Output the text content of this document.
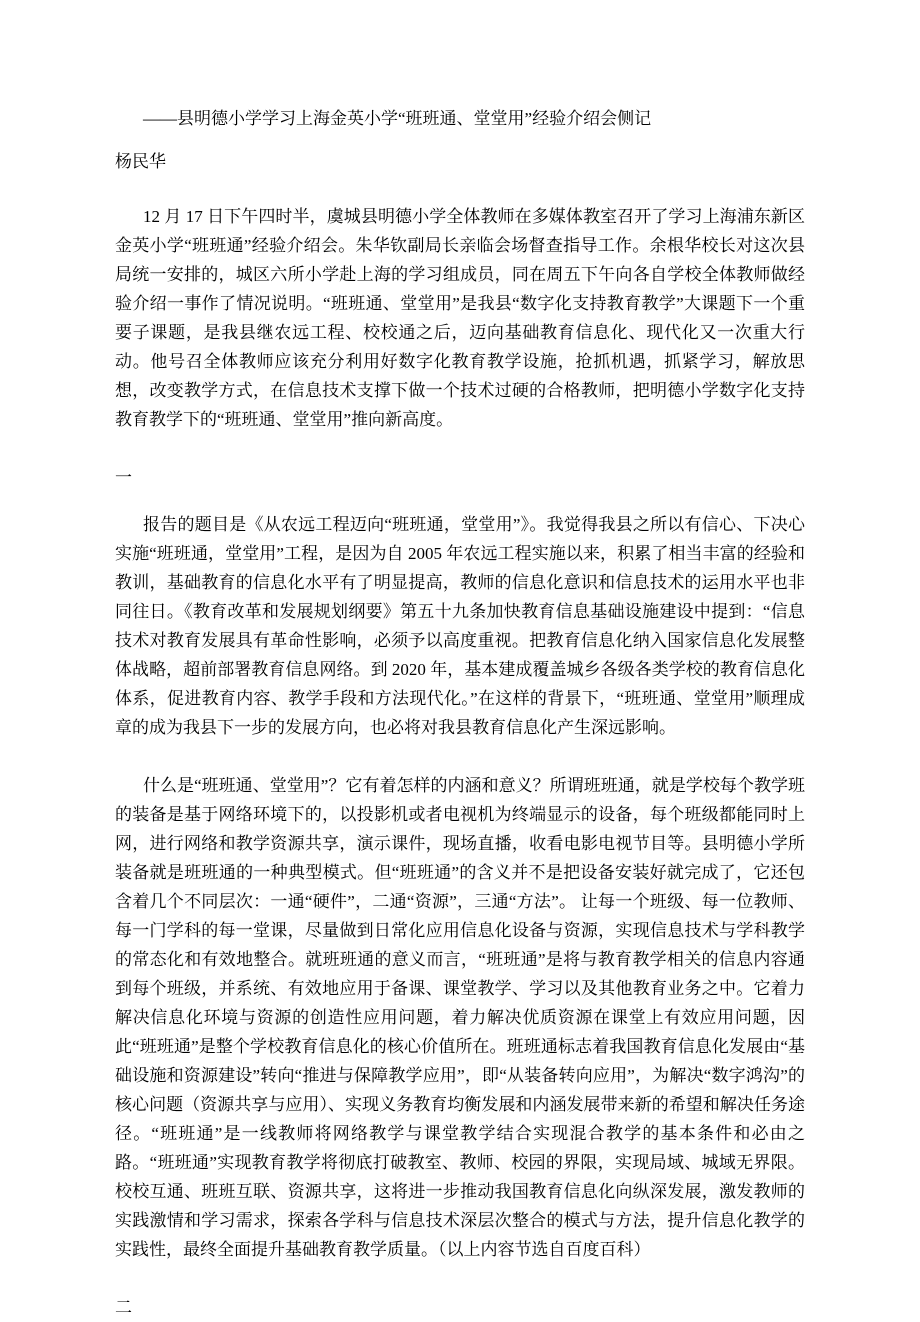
——县明德小学学习上海金英小学“班班通、堂堂用”经验介绍会侧记

杨民华

12 月 17 日下午四时半，虞城县明德小学全体教师在多媒体教室召开了学习上海浦东新区金英小学“班班通”经验介绍会。朱华钦副局长亲临会场督查指导工作。余根华校长对这次县局统一安排的，城区六所小学赴上海的学习组成员，同在周五下午向各自学校全体教师做经验介绍一事作了情况说明。“班班通、堂堂用”是我县“数字化支持教育教学”大课题下一个重要子课题，是我县继农远工程、校校通之后，迈向基础教育信息化、现代化又一次重大行动。他号召全体教师应该充分利用好数字化教育教学设施，抢抓机遇，抓紧学习，解放思想，改变教学方式，在信息技术支撑下做一个技术过硬的合格教师，把明德小学数字化支持教育教学下的“班班通、堂堂用”推向新高度。

一

报告的题目是《从农远工程迈向“班班通，堂堂用”》。我觉得我县之所以有信心、下决心实施“班班通，堂堂用”工程，是因为自 2005 年农远工程实施以来，积累了相当丰富的经验和教训，基础教育的信息化水平有了明显提高，教师的信息化意识和信息技术的运用水平也非同往日。《教育改革和发展规划纲要》第五十九条加快教育信息基础设施建设中提到：“信息技术对教育发展具有革命性影响，必须予以高度重视。把教育信息化纳入国家信息化发展整体战略，超前部署教育信息网络。到 2020 年，基本建成覆盖城乡各级各类学校的教育信息化体系，促进教育内容、教学手段和方法现代化。”在这样的背景下，“班班通、堂堂用”顺理成章的成为我县下一步的发展方向，也必将对我县教育信息化产生深远影响。

什么是“班班通、堂堂用”？它有着怎样的内涵和意义？所谓班班通，就是学校每个教学班的装备是基于网络环境下的，以投影机或者电视机为终端显示的设备，每个班级都能同时上网，进行网络和教学资源共享，演示课件，现场直播，收看电影电视节目等。县明德小学所装备就是班班通的一种典型模式。但“班班通”的含义并不是把设备安装好就完成了，它还包含着几个不同层次：一通“硬件”，二通“资源”，三通“方法”。 让每一个班级、每一位教师、每一门学科的每一堂课，尽量做到日常化应用信息化设备与资源，实现信息技术与学科教学的常态化和有效地整合。就班班通的意义而言，“班班通”是将与教育教学相关的信息内容通到每个班级，并系统、有效地应用于备课、课堂教学、学习以及其他教育业务之中。它着力解决信息化环境与资源的创造性应用问题，着力解决优质资源在课堂上有效应用问题，因此“班班通”是整个学校教育信息化的核心价值所在。班班通标志着我国教育信息化发展由“基础设施和资源建设”转向“推进与保障教学应用”，即“从装备转向应用”，为解决“数字鸿沟”的核心问题（资源共享与应用）、实现义务教育均衡发展和内涵发展带来新的希望和解决任务途径。“班班通”是一线教师将网络教学与课堂教学结合实现混合教学的基本条件和必由之路。“班班通”实现教育教学将彻底打破教室、教师、校园的界限，实现局域、城域无界限。校校互通、班班互联、资源共享，这将进一步推动我国教育信息化向纵深发展，激发教师的实践激情和学习需求，探索各学科与信息技术深层次整合的模式与方法，提升信息化教学的实践性，最终全面提升基础教育教学质量。（以上内容节选自百度百科）

二
